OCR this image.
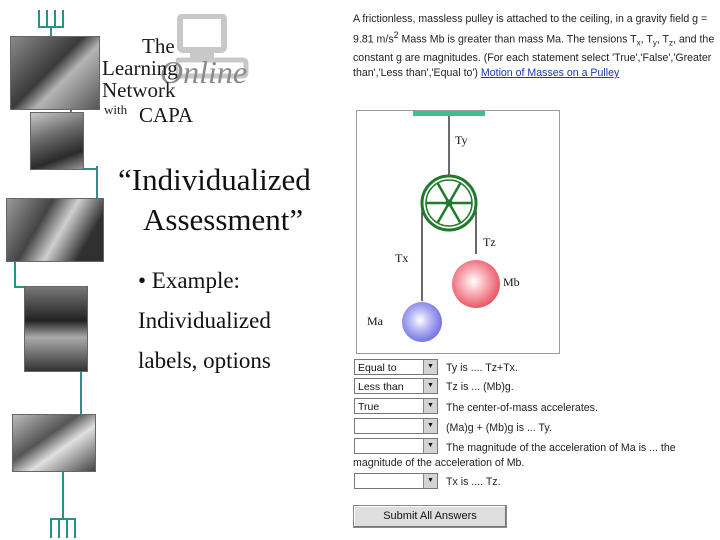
Online
The
Learning
Network
with CAPA
“Individualized
Assessment”
• Example:
Individualized
labels, options
A frictionless, massless pulley is attached to the ceiling, in a gravity field g = 9.81 $m/s^2$ Mass Mb is greater than mass Ma. The tensions $T_x$, $T_y$, $T_z$, and the constant g are magnitudes. (For each statement select 'True','False','Greater than','Less than','Equal to') Motion of Masses on a Pulley
Ty
Tz
Tx
Mb
Ma
Equal to	▼ Ty is .... Tz+Tx.
Less than	▼ Tz is ... (Mb)g.
True	▼ The center-of-mass accelerates.
▼ (Ma)g + (Mb)g is ... Ty.
▼ The magnitude of the acceleration of Ma is ... the
magnitude of the acceleration of Mb.
▼ Tx is .... Tz.
Submit All Answers
